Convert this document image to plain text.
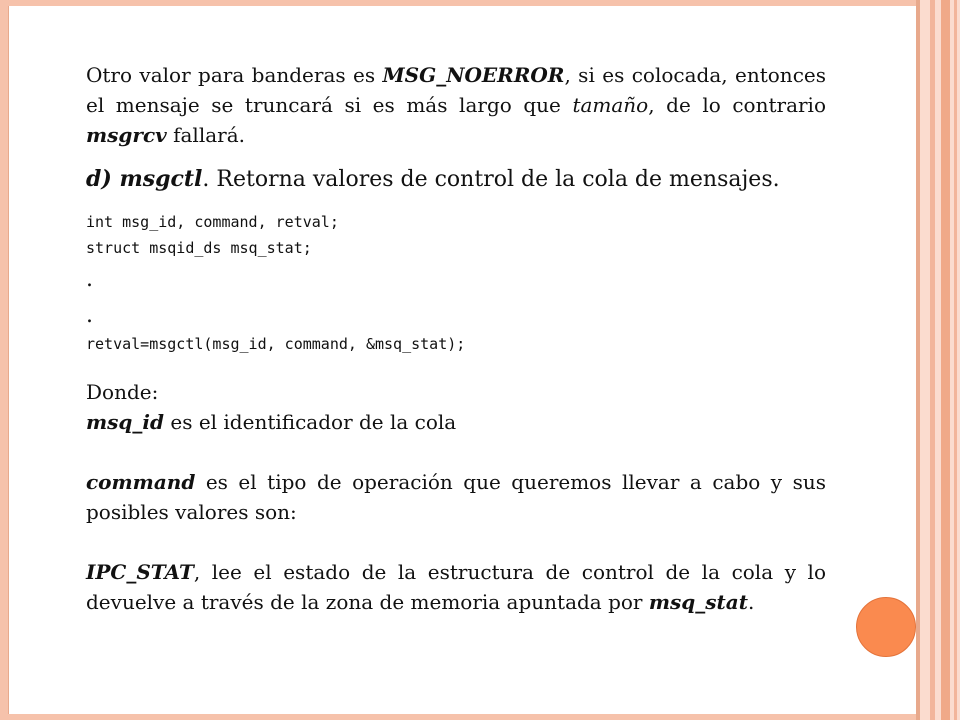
Otro valor para banderas es MSG_NOERROR, si es colocada, entonces el mensaje se truncará si es más largo que tamaño, de lo contrario msgrcv fallará.

d) msgctl. Retorna valores de control de la cola de mensajes.

int msg_id, command, retval;

struct msqid_ds msq_stat;

.

.

retval=msgctl(msg_id, command, &msq_stat);

Donde:
msq_id es el identificador de la cola

command es el tipo de operación que queremos llevar a cabo y sus posibles valores son:

IPC_STAT, lee el estado de la estructura de control de la cola y lo devuelve a través de la zona de memoria apuntada por msq_stat.
